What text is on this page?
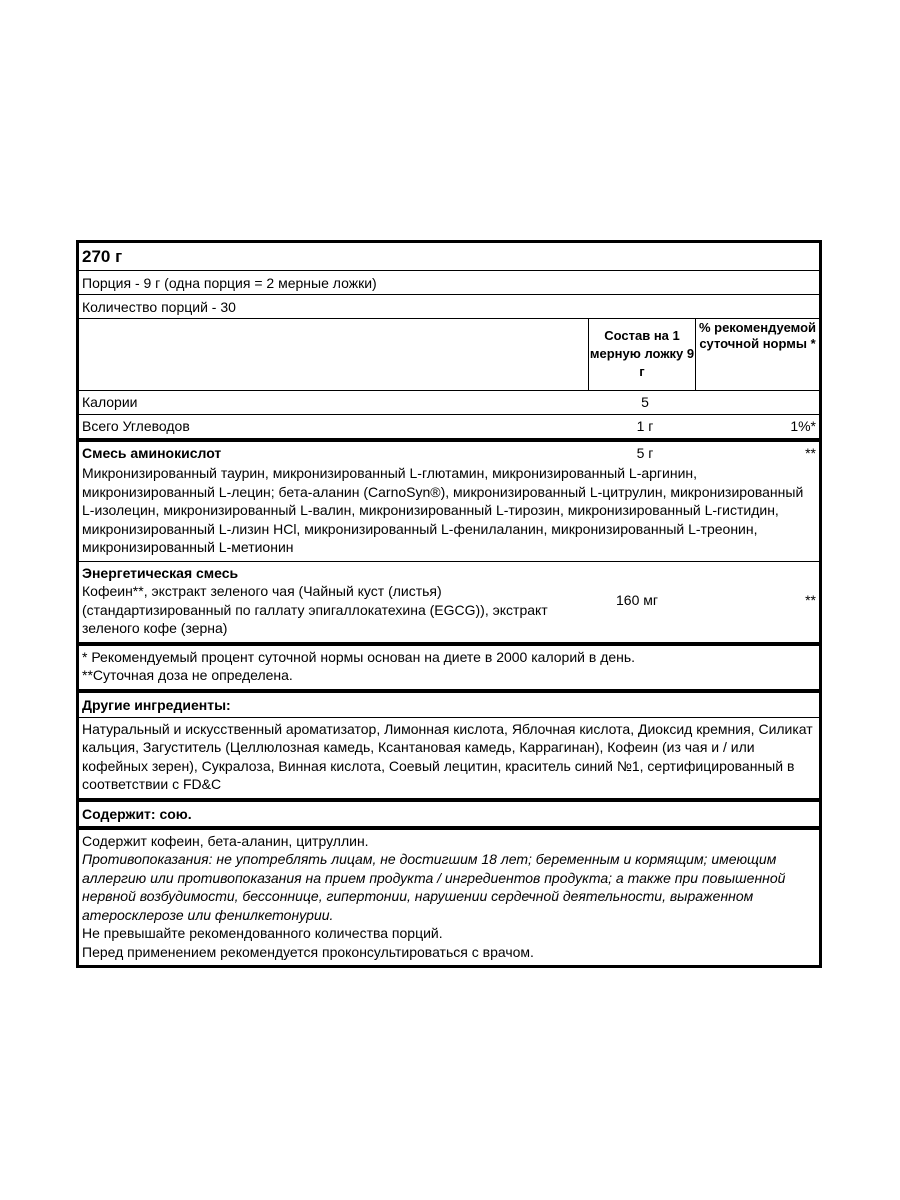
270 г
Порция - 9 г (одна порция = 2 мерные ложки)
Количество порций - 30
Состав на 1 мерную ложку 9 г
% рекомендуемой суточной нормы *
Калории	5
Всего Углеводов	1 г	1%*
Смесь аминокислот	5 г	**
Микронизированный таурин, микронизированный L-глютамин, микронизированный L-аргинин, микронизированный L-лецин; бета-аланин (CarnoSyn®), микронизированный L-цитрулин, микронизированный L-изолецин, микронизированный L-валин, микронизированный L-тирозин, микронизированный L-гистидин, микронизированный L-лизин HCl, микронизированный L-фенилаланин, микронизированный L-треонин, микронизированный L-метионин
Энергетическая смесь
Кофеин**, экстракт зеленого чая (Чайный куст (листья) (стандартизированный по галлату эпигаллокатехина (EGCG)), экстракт зеленого кофе (зерна)
160 мг	**
* Рекомендуемый процент суточной нормы основан на диете в 2000 калорий в день.
**Суточная доза не определена.
Другие ингредиенты:
Натуральный и искусственный ароматизатор, Лимонная кислота, Яблочная кислота, Диоксид кремния, Силикат кальция, Загуститель (Целлюлозная камедь, Ксантановая камедь, Каррагинан), Кофеин (из чая и / или кофейных зерен), Сукралоза, Винная кислота, Соевый лецитин, краситель синий №1, сертифицированный в соответствии с FD&C
Содержит: сою.
Содержит кофеин, бета-аланин, цитруллин.
Противопоказания: не употреблять лицам, не достигшим 18 лет; беременным и кормящим; имеющим аллергию или противопоказания на прием продукта / ингредиентов продукта; а также при повышенной нервной возбудимости, бессоннице, гипертонии, нарушении сердечной деятельности, выраженном атеросклерозе или фенилкетонурии.
Не превышайте рекомендованного количества порций.
Перед применением рекомендуется проконсультироваться с врачом.
